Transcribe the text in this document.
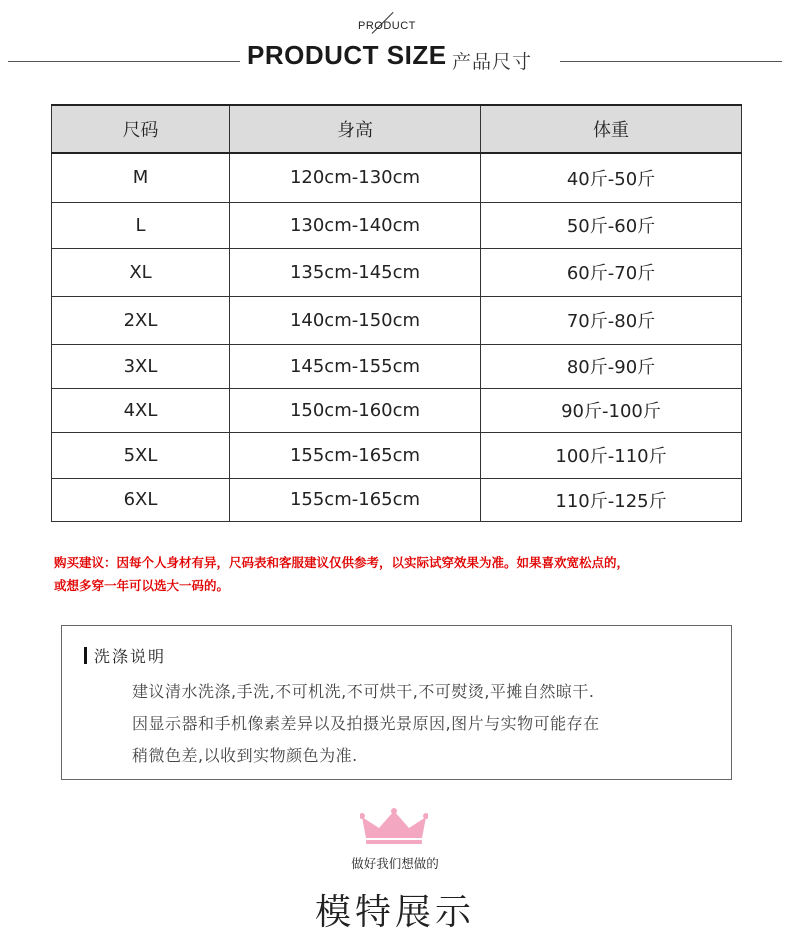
PRODUCT
PRODUCT SIZE 产品尺寸
尺码	身高	体重
M	120cm-130cm	40斤-50斤
L	130cm-140cm	50斤-60斤
XL	135cm-145cm	60斤-70斤
2XL	140cm-150cm	70斤-80斤
3XL	145cm-155cm	80斤-90斤
4XL	150cm-160cm	90斤-100斤
5XL	155cm-165cm	100斤-110斤
6XL	155cm-165cm	110斤-125斤
购买建议：因每个人身材有异，尺码表和客服建议仅供参考，以实际试穿效果为准。如果喜欢宽松点的，
或想多穿一年可以选大一码的。
洗涤说明
建议清水洗涤,手洗,不可机洗,不可烘干,不可熨烫,平摊自然晾干.
因显示器和手机像素差异以及拍摄光景原因,图片与实物可能存在
稍微色差,以收到实物颜色为准.
做好我们想做的
模特展示
